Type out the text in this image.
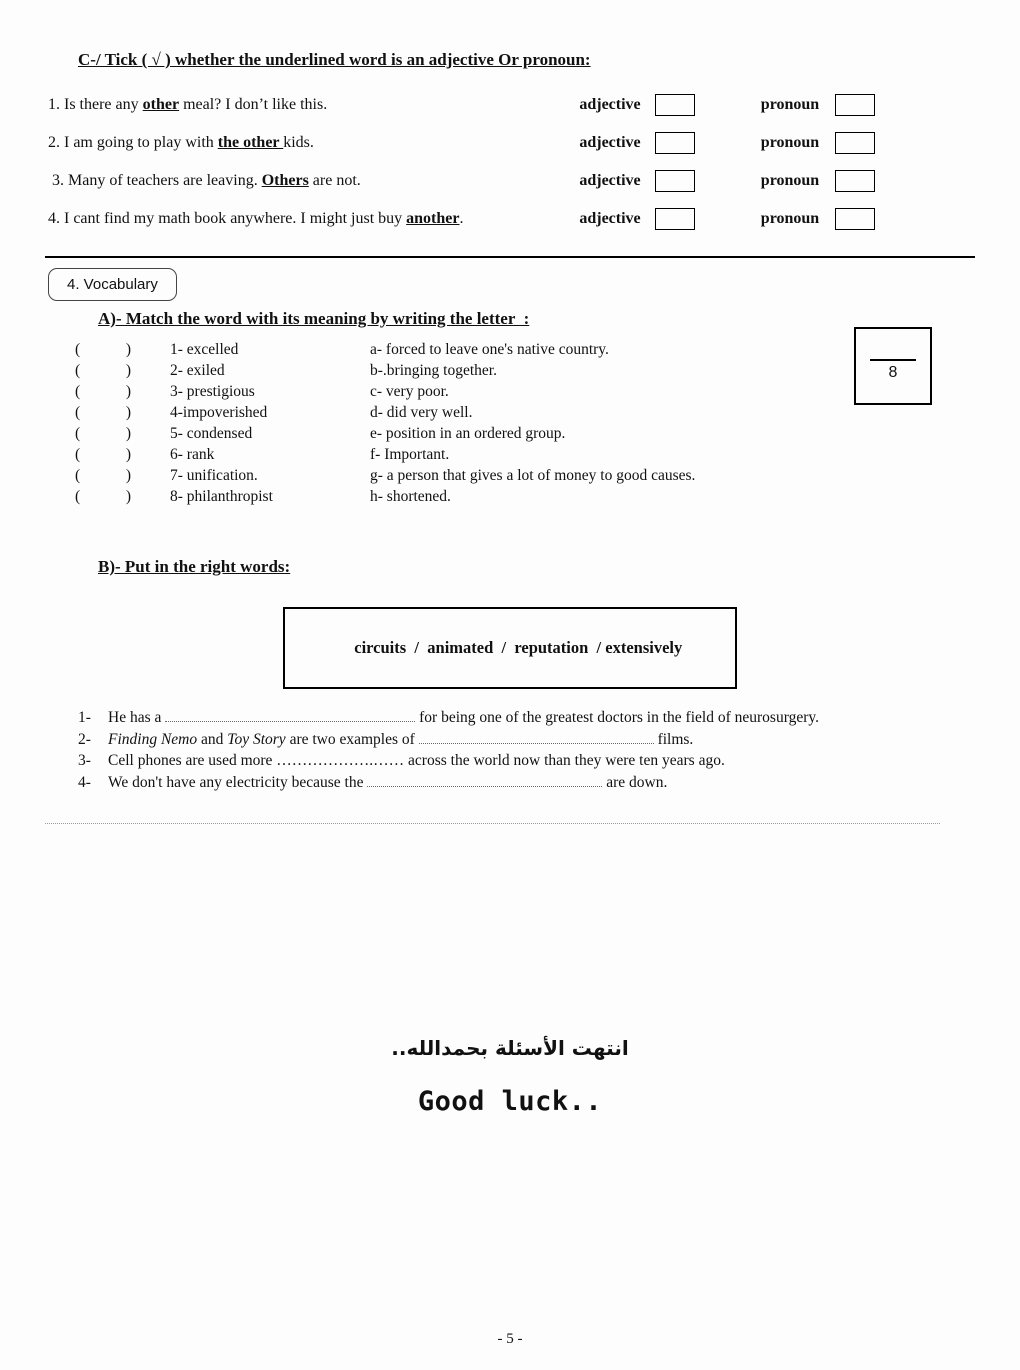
C-/ Tick ( √ ) whether the underlined word is an adjective Or pronoun:
1. Is there any other meal? I don’t like this.	adjective	pronoun
2. I am going to play with the other kids.	adjective	pronoun
3. Many of teachers are leaving. Others are not.	adjective	pronoun
4. I cant find my math book anywhere. I might just buy another.	adjective	pronoun
4. Vocabulary
8
A)- Match the word with its meaning by writing the letter  :
(	)	1- excelled	a- forced to leave one's native country.
(	)	2- exiled	b-.bringing together.
(	)	3- prestigious	c- very poor.
(	)	4-impoverished	d- did very well.
(	)	5- condensed	e- position in an ordered group.
(	)	6- rank	f- Important.
(	)	7- unification.	g- a person that gives a lot of money to good causes.
(	)	8- philanthropist	h- shortened.
B)- Put in the right words:

circuits  /  animated  /  reputation  / extensively

1-	He has a	for being one of the greatest doctors in the field of neurosurgery.
2-	Finding Nemo and Toy Story are two examples of	films.
3-	Cell phones are used more ……………….…… across the world now than they were ten years ago.
4-	We don't have any electricity because the	are down.
انتهت الأسئلة بحمدالله..
Good luck..
- 5 -
